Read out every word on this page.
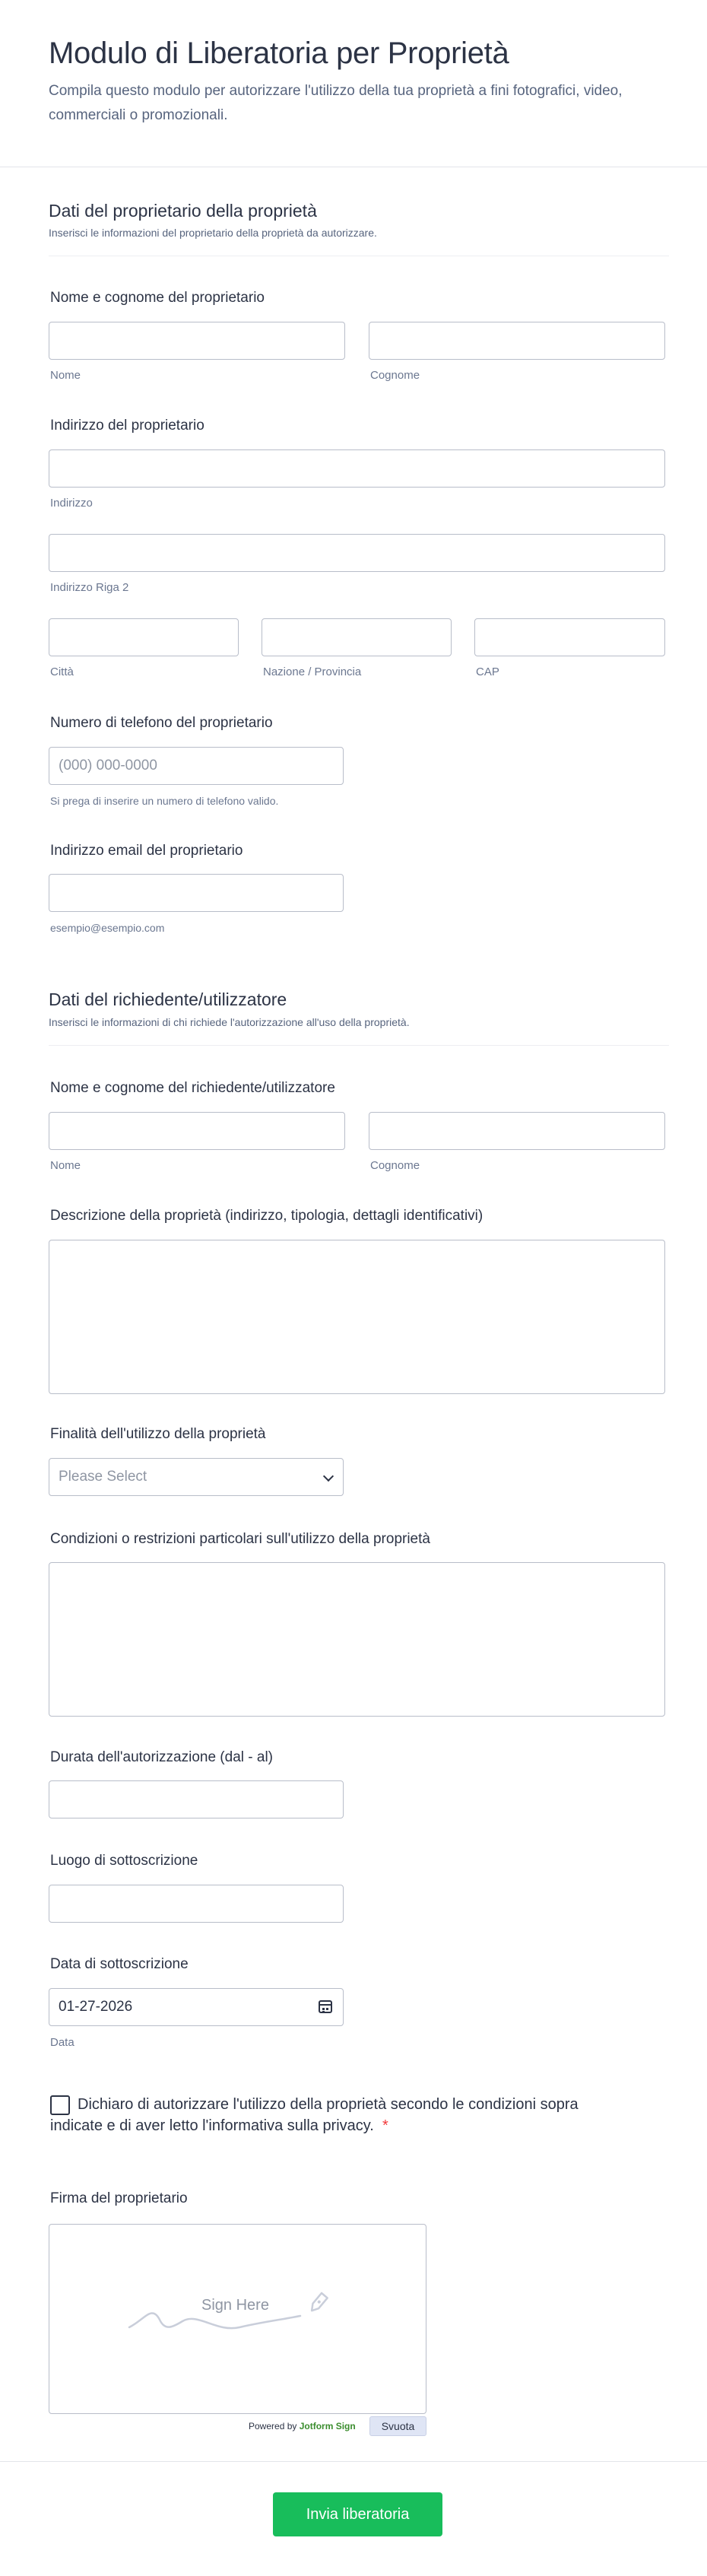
Modulo di Liberatoria per Proprietà
Compila questo modulo per autorizzare l'utilizzo della tua proprietà a fini fotografici, video, commerciali o promozionali.
Dati del proprietario della proprietà
Inserisci le informazioni del proprietario della proprietà da autorizzare.
Nome e cognome del proprietario
Nome	Cognome
Indirizzo del proprietario
Indirizzo
Indirizzo Riga 2
Città	Nazione / Provincia	CAP
Numero di telefono del proprietario
(000) 000-0000
Si prega di inserire un numero di telefono valido.
Indirizzo email del proprietario
esempio@esempio.com
Dati del richiedente/utilizzatore
Inserisci le informazioni di chi richiede l'autorizzazione all'uso della proprietà.
Nome e cognome del richiedente/utilizzatore
Nome	Cognome
Descrizione della proprietà (indirizzo, tipologia, dettagli identificativi)
Finalità dell'utilizzo della proprietà
Please Select
Condizioni o restrizioni particolari sull'utilizzo della proprietà
Durata dell'autorizzazione (dal - al)
Luogo di sottoscrizione
Data di sottoscrizione
01-27-2026
Data
Dichiaro di autorizzare l'utilizzo della proprietà secondo le condizioni sopra indicate e di aver letto l'informativa sulla privacy. *
Firma del proprietario
Sign Here
Powered by Jotform Sign	Svuota
Invia liberatoria
